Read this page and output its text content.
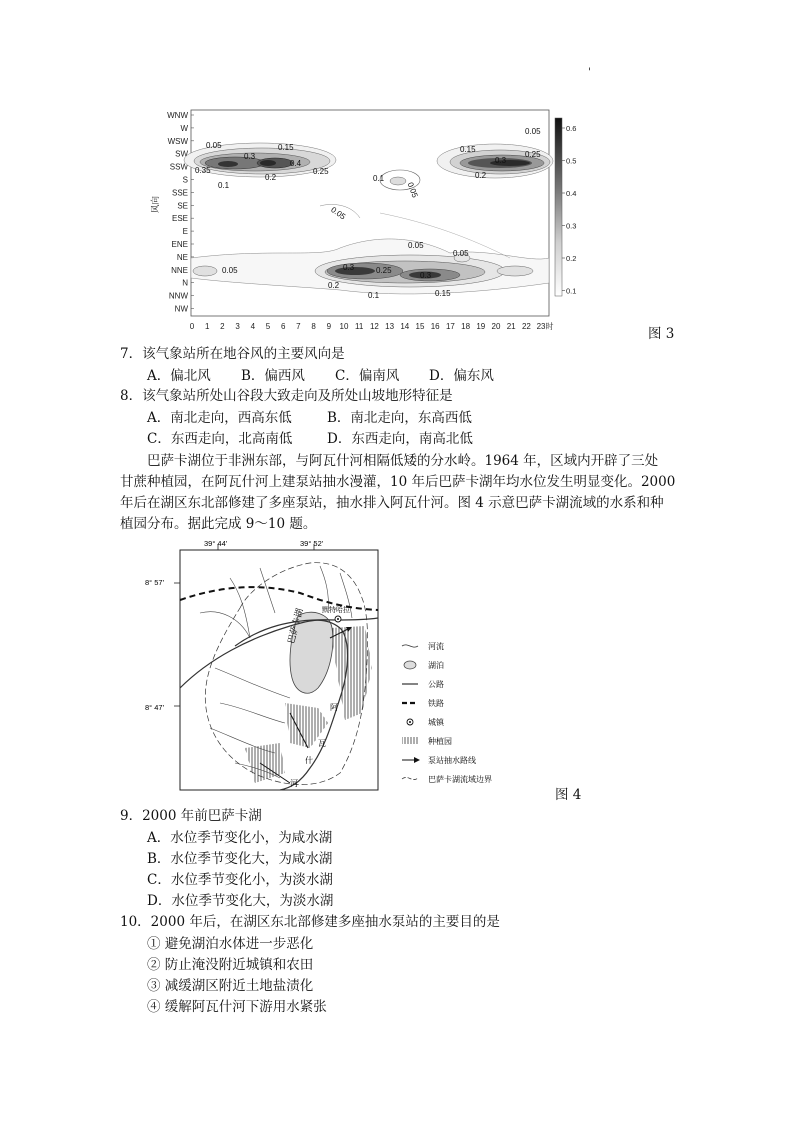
'
WNW
W
WSW
SW
SSW
S
SSE
SE
ESE
E
ENE
NE
NNE
N
NNW
NW
0 1 2 3 4 5 6 7 8 9 10 11 12 13 14 15 16 17 18 19 20 21 22 23时
风向
0.05	0.15
0.35
0.3
0.2
0.4
0.1
0.25
0.1
0.05
0.05
0.15
0.3
0.25
0.2
0.05
0.05	0.3	0.25
0.3
0.05
0.2
0.1	0.15
0.05
0.6
0.5
0.4
0.3
0.2
0.1
图 3
7．该气象站所在地谷风的主要风向是
A．偏北风 B．偏西风 C．偏南风 D．偏东风
8．该气象站所处山谷段大致走向及所处山坡地形特征是
A．南北走向，西高东低	B．南北走向，东高西低
C．东西走向，北高南低	D．东西走向，南高北低
巴萨卡湖位于非洲东部，与阿瓦什河相隔低矮的分水岭。1964 年，区域内开辟了三处
甘蔗种植园，在阿瓦什河上建泵站抽水漫灌，10 年后巴萨卡湖年均水位发生明显变化。2000
年后在湖区东北部修建了多座泵站，抽水排入阿瓦什河。图 4 示意巴萨卡湖流域的水系和种
植园分布。据此完成 9～10 题。
39° 44'	39° 52'
8° 57'
8° 47'
巴萨卡湖 默特哈拉
阿
瓦
什
河
河流
湖泊
公路
铁路
城镇
种植园
泵站抽水路线
巴萨卡湖流域边界
图 4
9．2000 年前巴萨卡湖
A．水位季节变化小，为咸水湖
B．水位季节变化大，为咸水湖
C．水位季节变化小，为淡水湖
D．水位季节变化大，为淡水湖
10．2000 年后，在湖区东北部修建多座抽水泵站的主要目的是
① 避免湖泊水体进一步恶化
② 防止淹没附近城镇和农田
③ 减缓湖区附近土地盐渍化
④ 缓解阿瓦什河下游用水紧张
